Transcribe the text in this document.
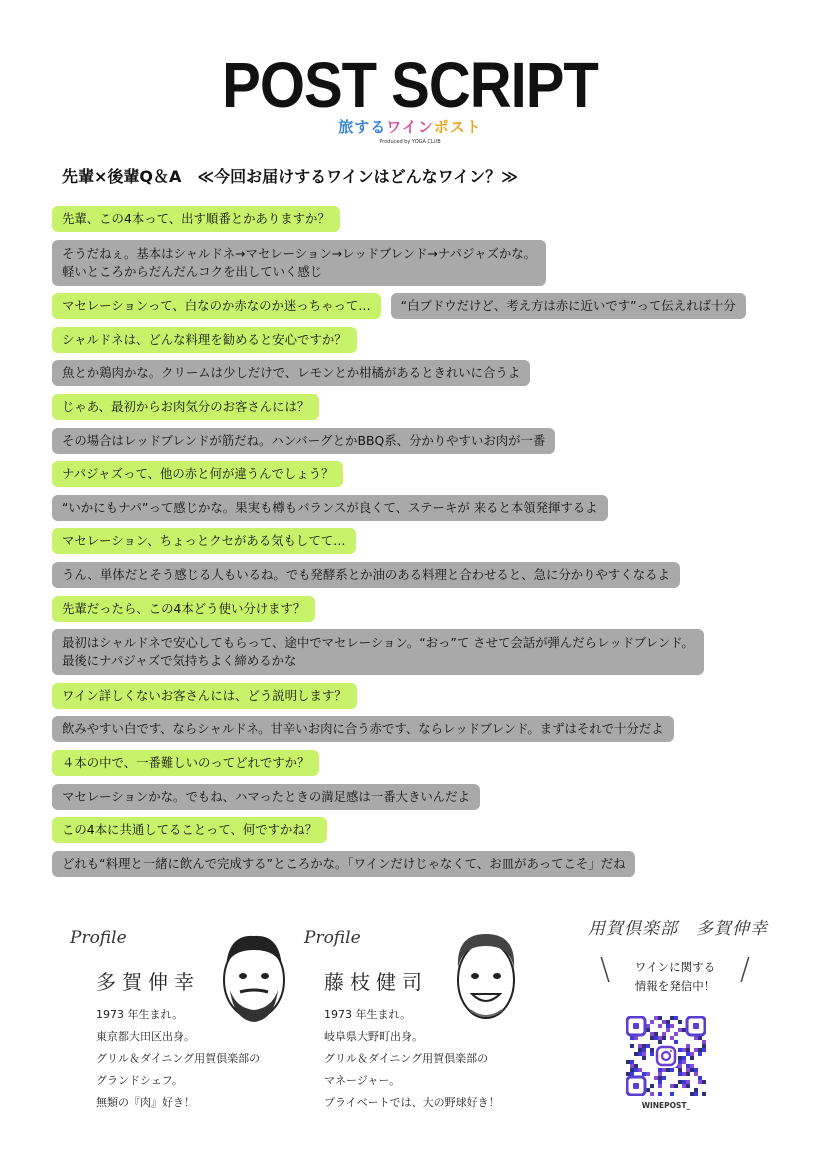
POST SCRIPT
旅するワインポスト
Produced by YOGA CLUB
先輩×後輩Q＆A　≪今回お届けするワインはどんなワイン？≫
先輩、この4本って、出す順番とかありますか？
そうだねぇ。基本はシャルドネ→マセレーション→レッドブレンド→ナパジャズかな。
軽いところからだんだんコクを出していく感じ
マセレーションって、白なのか赤なのか迷っちゃって…	“白ブドウだけど、考え方は赤に近いです”って伝えれば十分
シャルドネは、どんな料理を勧めると安心ですか？
魚とか鶏肉かな。クリームは少しだけで、レモンとか柑橘があるときれいに合うよ
じゃあ、最初からお肉気分のお客さんには？
その場合はレッドブレンドが筋だね。ハンバーグとかBBQ系、分かりやすいお肉が一番
ナパジャズって、他の赤と何が違うんでしょう？
“いかにもナパ”って感じかな。果実も樽もバランスが良くて、ステーキが 来ると本領発揮するよ
マセレーション、ちょっとクセがある気もしてて…
うん、単体だとそう感じる人もいるね。でも発酵系とか油のある料理と合わせると、急に分かりやすくなるよ
先輩だったら、この4本どう使い分けます？
最初はシャルドネで安心してもらって、途中でマセレーション。“おっ”て させて会話が弾んだらレッドブレンド。
最後にナパジャズで気持ちよく締めるかな
ワイン詳しくないお客さんには、どう説明します？
飲みやすい白です、ならシャルドネ。甘辛いお肉に合う赤です、ならレッドブレンド。まずはそれで十分だよ
４本の中で、一番難しいのってどれですか？
マセレーションかな。でもね、ハマったときの満足感は一番大きいんだよ
この4本に共通してることって、何ですかね？
どれも“料理と一緒に飲んで完成する”ところかな。「ワインだけじゃなくて、お皿があってこそ」だね
Profile
多賀伸幸
1973 年生まれ。
東京都大田区出身。
グリル＆ダイニング用賀倶楽部の
グランドシェフ。
無類の『肉』好き！
Profile
藤枝健司
1973 年生まれ。
岐阜県大野町出身。
グリル＆ダイニング用賀倶楽部の
マネージャー。
プライベートでは、大の野球好き！
用賀倶楽部　多賀伸幸
\	ワインに関する
情報を発信中！ /
WINEPOST_
